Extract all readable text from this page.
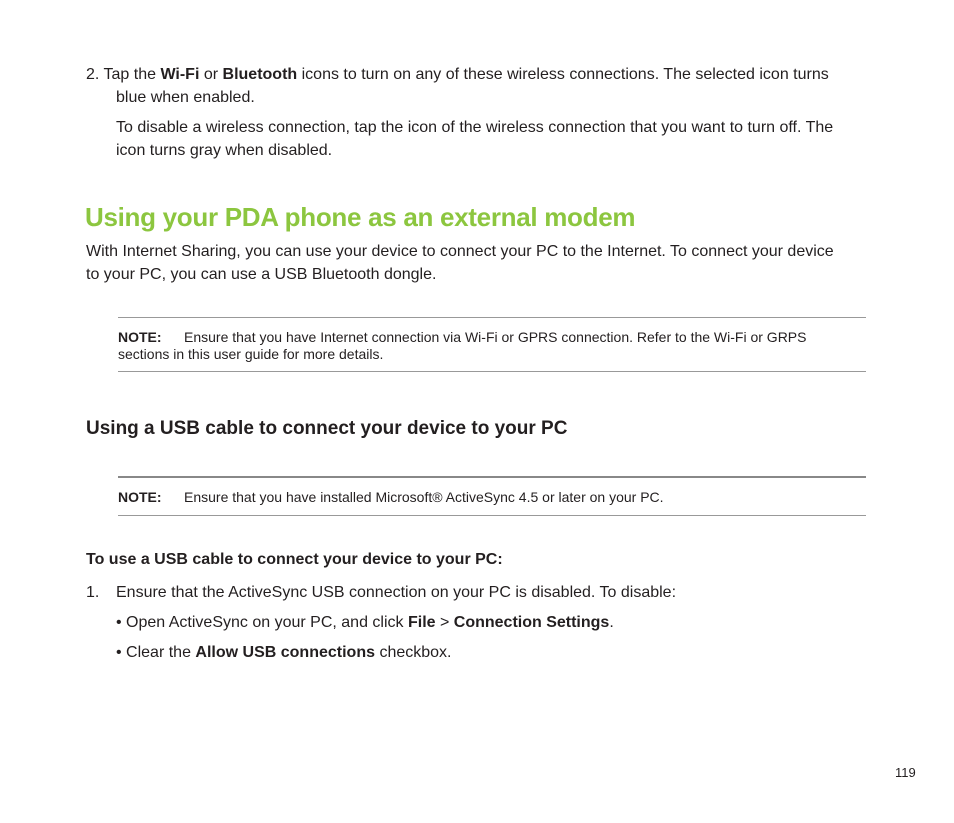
2. Tap the Wi-Fi or Bluetooth icons to turn on any of these wireless connections. The selected icon turns
blue when enabled.
To disable a wireless connection, tap the icon of the wireless connection that you want to turn off. The
icon turns gray when disabled.
Using your PDA phone as an external modem
With Internet Sharing, you can use your device to connect your PC to the Internet. To connect your device
to your PC, you can use a USB Bluetooth dongle.
NOTE: Ensure that you have Internet connection via Wi-Fi or GPRS connection. Refer to the Wi-Fi or GRPS
sections in this user guide for more details.
Using a USB cable to connect your device to your PC
NOTE: Ensure that you have installed Microsoft® ActiveSync 4.5 or later on your PC.
To use a USB cable to connect your device to your PC:
1. Ensure that the ActiveSync USB connection on your PC is disabled. To disable:
• Open ActiveSync on your PC, and click File > Connection Settings.
• Clear the Allow USB connections checkbox.
119
